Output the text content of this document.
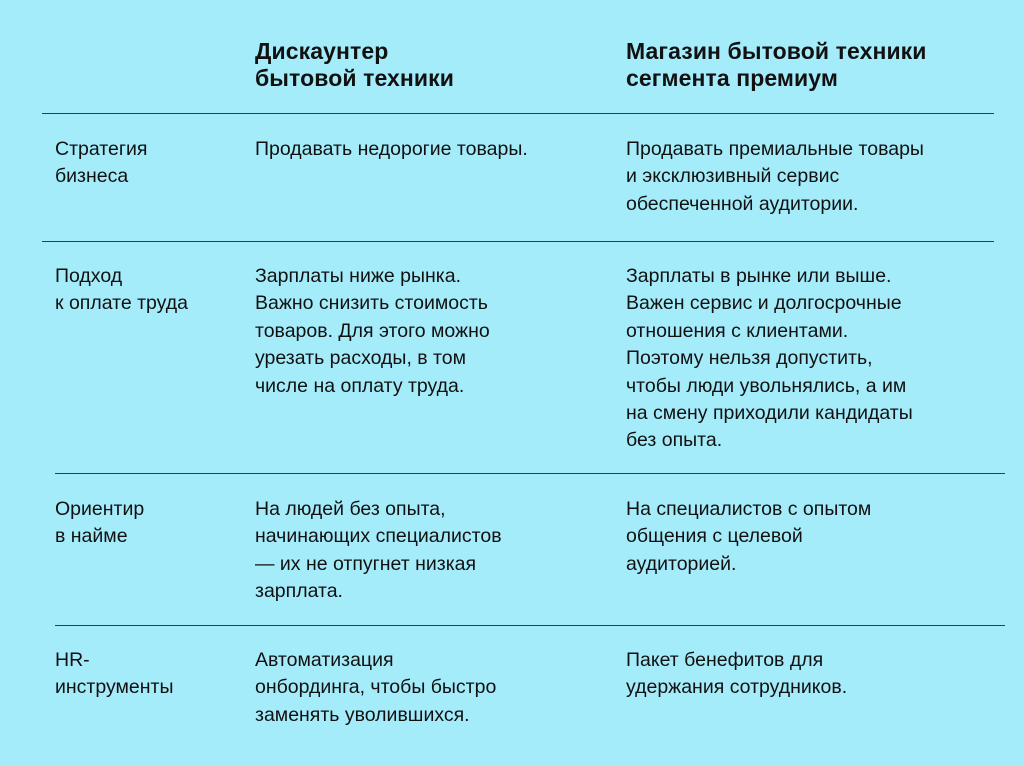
Дискаунтер
бытовой техники
Магазин бытовой техники
сегмента премиум
Стратегия
бизнеса
Продавать недорогие товары.	Продавать премиальные товары
и эксклюзивный сервис
обеспеченной аудитории.
Подход
к оплате труда
Зарплаты ниже рынка.
Важно снизить стоимость
товаров. Для этого можно
урезать расходы, в том
числе на оплату труда.
Зарплаты в рынке или выше.
Важен сервис и долгосрочные
отношения с клиентами.
Поэтому нельзя допустить,
чтобы люди увольнялись, а им
на смену приходили кандидаты
без опыта.
Ориентир
в найме
На людей без опыта,
начинающих специалистов
— их не отпугнет низкая
зарплата.
На специалистов с опытом
общения с целевой
аудиторией.
HR-
инструменты
Автоматизация
онбординга, чтобы быстро
заменять уволившихся.
Пакет бенефитов для
удержания сотрудников.
